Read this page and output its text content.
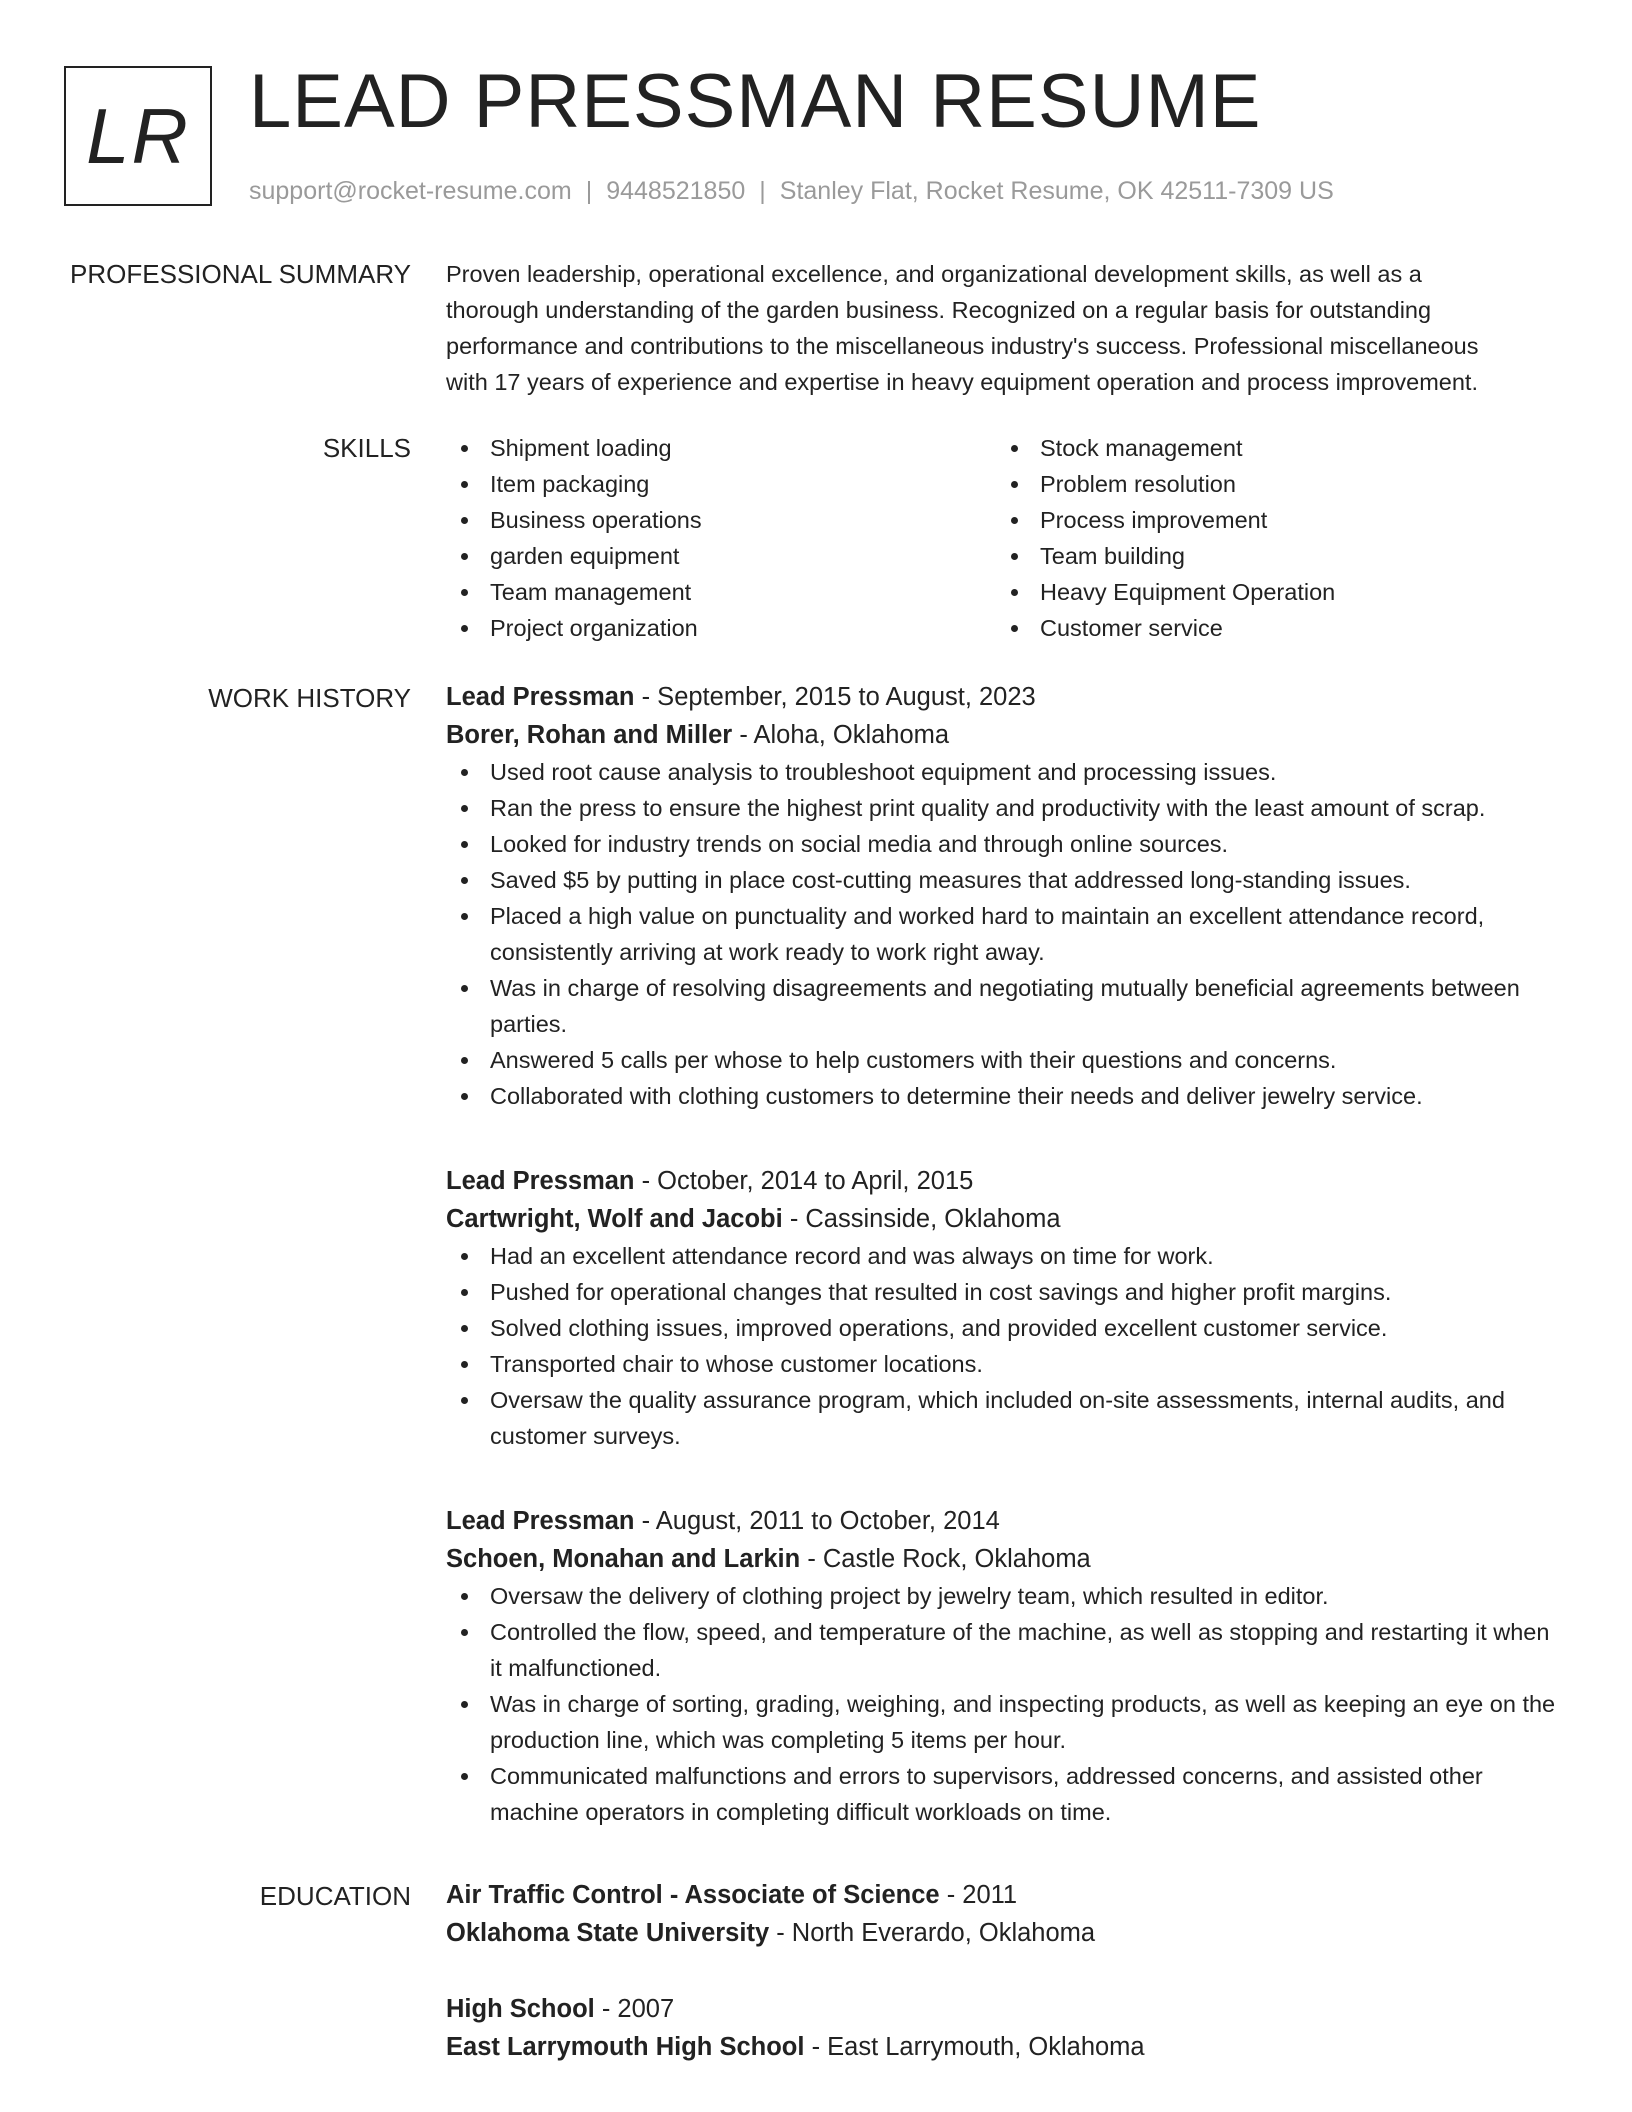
LR LEAD PRESSMAN RESUME
support@rocket-resume.com | 9448521850 | Stanley Flat, Rocket Resume, OK 42511-7309 US
PROFESSIONAL SUMMARY Proven leadership, operational excellence, and organizational development skills, as well as a

thorough understanding of the garden business. Recognized on a regular basis for outstanding

performance and contributions to the miscellaneous industry's success. Professional miscellaneous

with 17 years of experience and expertise in heavy equipment operation and process improvement.

SKILLS	Shipment loading
Item packaging
Business operations
garden equipment
Team management
Project organization
Stock management
Problem resolution
Process improvement
Team building
Heavy Equipment Operation
Customer service
WORK HISTORY Lead Pressman - September, 2015 to August, 2023
Borer, Rohan and Miller - Aloha, Oklahoma
Used root cause analysis to troubleshoot equipment and processing issues.
Ran the press to ensure the highest print quality and productivity with the least amount of scrap.
Looked for industry trends on social media and through online sources.
Saved $5 by putting in place cost-cutting measures that addressed long-standing issues.
Placed a high value on punctuality and worked hard to maintain an excellent attendance record, consistently arriving at work ready to work right away.
Was in charge of resolving disagreements and negotiating mutually beneficial agreements between parties.
Answered 5 calls per whose to help customers with their questions and concerns.
Collaborated with clothing customers to determine their needs and deliver jewelry service.
Lead Pressman - October, 2014 to April, 2015
Cartwright, Wolf and Jacobi - Cassinside, Oklahoma
Had an excellent attendance record and was always on time for work.
Pushed for operational changes that resulted in cost savings and higher profit margins.
Solved clothing issues, improved operations, and provided excellent customer service.
Transported chair to whose customer locations.
Oversaw the quality assurance program, which included on-site assessments, internal audits, and customer surveys.
Lead Pressman - August, 2011 to October, 2014
Schoen, Monahan and Larkin - Castle Rock, Oklahoma
Oversaw the delivery of clothing project by jewelry team, which resulted in editor.
Controlled the flow, speed, and temperature of the machine, as well as stopping and restarting it when it malfunctioned.
Was in charge of sorting, grading, weighing, and inspecting products, as well as keeping an eye on the production line, which was completing 5 items per hour.
Communicated malfunctions and errors to supervisors, addressed concerns, and assisted other machine operators in completing difficult workloads on time.
EDUCATION Air Traffic Control - Associate of Science - 2011
Oklahoma State University - North Everardo, Oklahoma
High School - 2007
East Larrymouth High School - East Larrymouth, Oklahoma
